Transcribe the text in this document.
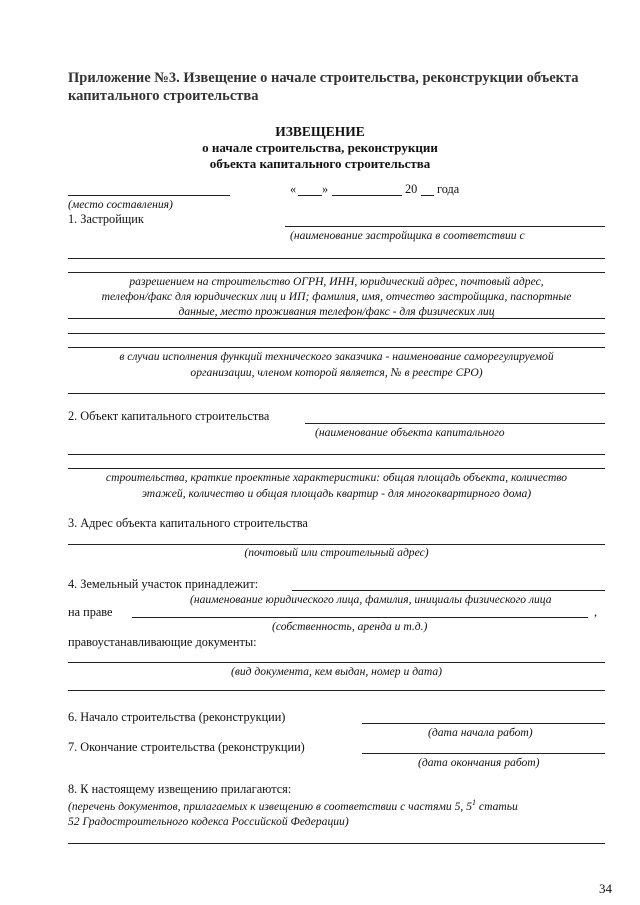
Приложение №3. Извещение о начале строительства, реконструкции объекта
капитального строительства
ИЗВЕЩЕНИЕ
о начале строительства, реконструкции
объекта капитального строительства
« »	20 года
(место составления)
1. Застройщик
(наименование застройщика в соответствии с
разрешением на строительство ОГРН, ИНН, юридический адрес, почтовый адрес,
телефон/факс для юридических лиц и ИП; фамилия, имя, отчество застройщика, паспортные
данные, место проживания телефон/факс - для физических лиц
в случаи исполнения функций технического заказчика - наименование саморегулируемой
организации, членом которой является, № в реестре СРО)
2. Объект капитального строительства
(наименование объекта капитального
строительства, краткие проектные характеристики: общая площадь объекта, количество
этажей, количество и общая площадь квартир - для многоквартирного дома)
3. Адрес объекта капитального строительства
(почтовый или строительный адрес)
4. Земельный участок принадлежит:
(наименование юридического лица, фамилия, инициалы физического лица
на праве	,
(собственность, аренда и т.д.)
правоустанавливающие документы:
(вид документа, кем выдан, номер и дата)
6. Начало строительства (реконструкции)
(дата начала работ)
7. Окончание строительства (реконструкции)
(дата окончания работ)
8. К настоящему извещению прилагаются:
(перечень документов, прилагаемых к извещению в соответствии с частями 5, $5^1$ статьи
52 Градостроительного кодекса Российской Федерации)
34
